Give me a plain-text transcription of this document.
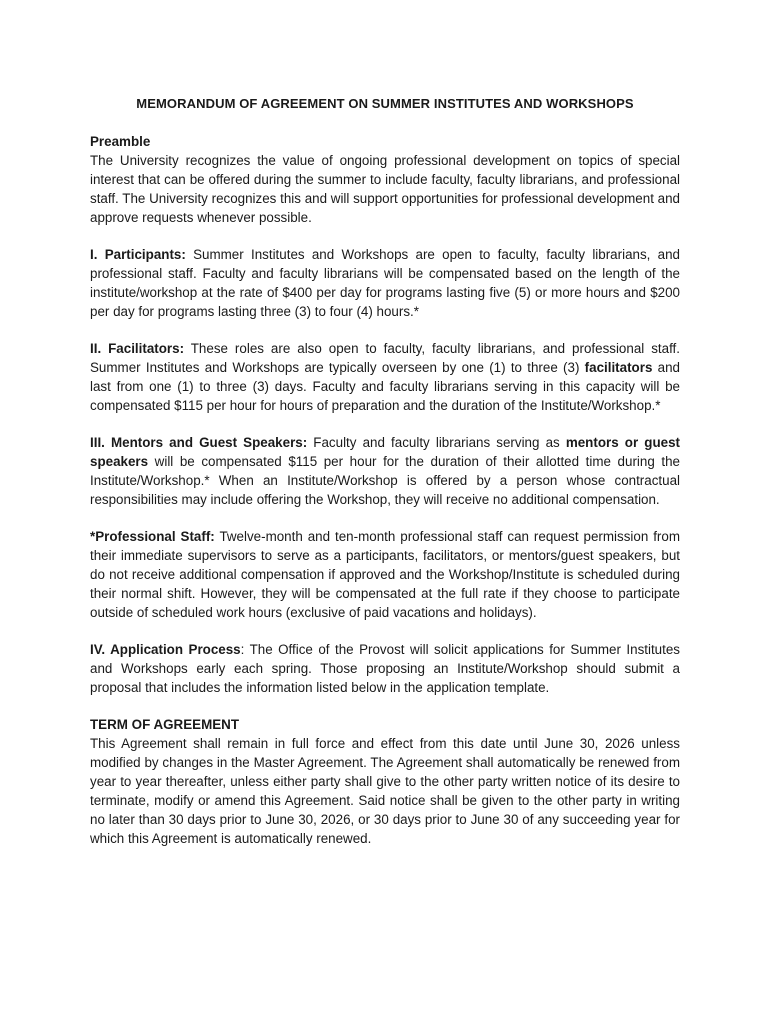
MEMORANDUM OF AGREEMENT ON SUMMER INSTITUTES AND WORKSHOPS

Preamble
The University recognizes the value of ongoing professional development on topics of special interest that can be offered during the summer to include faculty, faculty librarians, and professional staff. The University recognizes this and will support opportunities for professional development and approve requests whenever possible.

I. Participants: Summer Institutes and Workshops are open to faculty, faculty librarians, and professional staff. Faculty and faculty librarians will be compensated based on the length of the institute/workshop at the rate of $400 per day for programs lasting five (5) or more hours and $200 per day for programs lasting three (3) to four (4) hours.*

II. Facilitators: These roles are also open to faculty, faculty librarians, and professional staff. Summer Institutes and Workshops are typically overseen by one (1) to three (3) facilitators and last from one (1) to three (3) days. Faculty and faculty librarians serving in this capacity will be compensated $115 per hour for hours of preparation and the duration of the Institute/Workshop.*

III. Mentors and Guest Speakers: Faculty and faculty librarians serving as mentors or guest speakers will be compensated $115 per hour for the duration of their allotted time during the Institute/Workshop.* When an Institute/Workshop is offered by a person whose contractual responsibilities may include offering the Workshop, they will receive no additional compensation.

*Professional Staff: Twelve-month and ten-month professional staff can request permission from their immediate supervisors to serve as a participants, facilitators, or mentors/guest speakers, but do not receive additional compensation if approved and the Workshop/Institute is scheduled during their normal shift. However, they will be compensated at the full rate if they choose to participate outside of scheduled work hours (exclusive of paid vacations and holidays).

IV. Application Process: The Office of the Provost will solicit applications for Summer Institutes and Workshops early each spring. Those proposing an Institute/Workshop should submit a proposal that includes the information listed below in the application template.

TERM OF AGREEMENT
This Agreement shall remain in full force and effect from this date until June 30, 2026 unless modified by changes in the Master Agreement. The Agreement shall automatically be renewed from year to year thereafter, unless either party shall give to the other party written notice of its desire to terminate, modify or amend this Agreement. Said notice shall be given to the other party in writing no later than 30 days prior to June 30, 2026, or 30 days prior to June 30 of any succeeding year for which this Agreement is automatically renewed.
